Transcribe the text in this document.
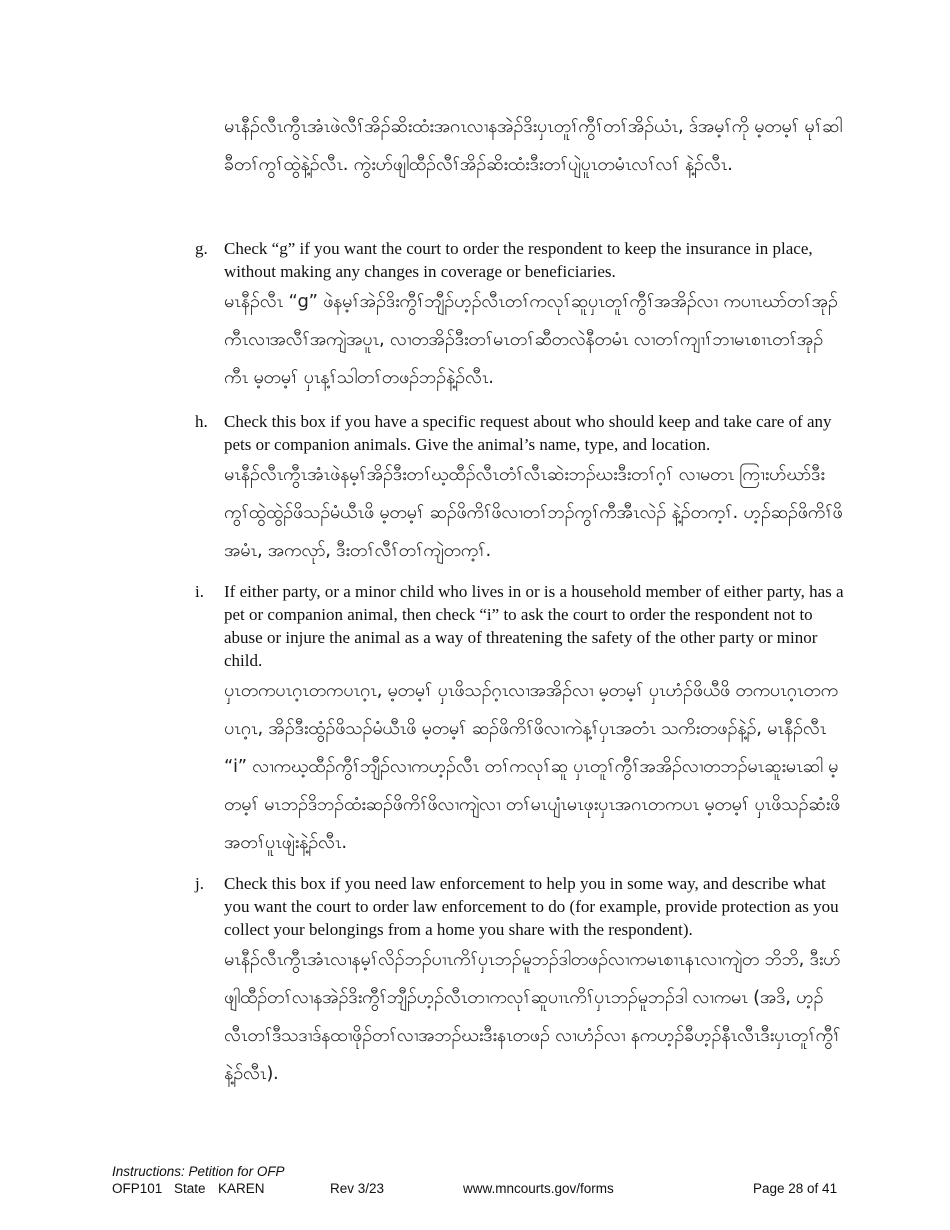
မၤနီၣ်လီၤကွီၤအံၤဖဲလီၢ်အိၣ်ဆိးထံးအဂၤလၢနအဲၣ်ဒိးပှၤတူၢ်ကွီၢ်တၢ်အိၣ်ယံၤ, ဒ်အမ့ၢ်ကို မ့တမ့ၢ် မုၢ်ဆါခီတၢ်ကွၢ်ထွဲနဲ့ၣ်လီၤ. ကွဲးဟ်ဖျါထီၣ်လီၢ်အိၣ်ဆိးထံးဒီးတၢ်ပျဲပူၤတမံၤလၢ်လၢ် နဲ့ၣ်လီၤ.
g. Check “g” if you want the court to order the respondent to keep the insurance in place, without making any changes in coverage or beneficiaries.
မၤနီၣ်လီၤ “g” ဖဲနမ့ၢ်အဲၣ်ဒိးကွီၢ်ဘျီၣ်ဟ့ၣ်လီၤတၢ်ကလုၢ်ဆူပှၤတူၢ်ကွီၢ်အအိၣ်လၢ ကပၢၤဃာ်တၢ်အုၣ်ကီၤလၢအလီၢ်အကျဲအပူၤ, လၢတအိၣ်ဒီးတၢ်မၤတၢ်ဆီတလဲနီတမံၤ လၢတၢ်ကျၢၢ်ဘၢမၤစၢၤတၢ်အုၣ်ကီၤ မ့တမ့ၢ် ပှၤန့ၢ်သါတၢ်တဖၣ်ဘၣ်နဲ့ၣ်လီၤ.
h. Check this box if you have a specific request about who should keep and take care of any pets or companion animals. Give the animal’s name, type, and location.
မၤနီၣ်လီၤကွီၤအံၤဖဲနမ့ၢ်အိၣ်ဒီးတၢ်ဃ့ထီၣ်လီၤတံၢ်လီၤဆဲးဘၣ်ဃးဒီးတၢ်ဂ့ၢ် လၢမတၤ ကြၢးဟ်ဃာ်ဒီးကွၢ်ထွဲထွဲၣ်ဖိသၣ်မံယီၤဖိ မ့တမ့ၢ် ဆၣ်ဖိကိၢ်ဖိလၢတၢ်ဘၣ်ကွၢ်ကီအီၤလဲၣ် နဲ့ၣ်တက့ၢ်. ဟ့ၣ်ဆၣ်ဖိကိၢ်ဖိအမံၤ, အကလုာ်, ဒီးတၢ်လီၢ်တၢ်ကျဲတက့ၢ်.
i. If either party, or a minor child who lives in or is a household member of either party, has a pet or companion animal, then check “i” to ask the court to order the respondent not to abuse or injure the animal as a way of threatening the safety of the other party or minor child.
ပှၤတကပၤဂ့ၤတကပၤဂ့ၤ, မ့တမ့ၢ် ပှၤဖိသၣ်ဂ့ၤလၢအအိၣ်လၢ မ့တမ့ၢ် ပှၤဟံၣ်ဖိယီဖိ တကပၤဂ့ၤတကပၤဂ့ၤ, အိၣ်ဒီးထွံၣ်ဖိသၣ်မံယီၤဖိ မ့တမ့ၢ် ဆၣ်ဖိကိၢ်ဖိလၢကဲန့ၢ်ပှၤအတံၤ သကိးတဖၣ်နဲ့ၣ်, မၤနီၣ်လီၤ “i” လၢကဃ့ထီၣ်ကွီၢ်ဘျီၣ်လၢကဟ့ၣ်လီၤ တၢ်ကလုၢ်ဆူ ပှၤတူၢ်ကွီၢ်အအိၣ်လၢတဘၣ်မၤဆူးမၤဆါ မ့တမ့ၢ် မၤဘၣ်ဒိဘၣ်ထံးဆၣ်ဖိကိၢ်ဖိလၢကျဲလၢ တၢ်မၤပျံၤမၤဖုးပှၤအဂၤတကပၤ မ့တမ့ၢ် ပှၤဖိသၣ်ဆံးဖိအတၢ်ပူၤဖျဲးနဲ့ၣ်လီၤ.
j. Check this box if you need law enforcement to help you in some way, and describe what you want the court to order law enforcement to do (for example, provide protection as you collect your belongings from a home you share with the respondent).
မၤနီၣ်လီၤကွီၤအံၤလၢနမ့ၢ်လိၣ်ဘၣ်ပၢၤကိၢ်ပှၤဘၣ်မူဘၣ်ဒါတဖၣ်လၢကမၤစၢၤနၤလၢကျဲတ ဘိဘိ, ဒီးဟ်ဖျါထီၣ်တၢ်လၢနအဲၣ်ဒိးကွီၢ်ဘျီၣ်ဟ့ၣ်လီၤတၢကလုၢ်ဆူပၢၤကိၢ်ပှၤဘၣ်မူဘၣ်ဒါ လၢကမၤ (အဒိ, ဟ့ၣ်လီၤတၢ်ဒီသဒၢဒ်နထၢဖိုၣ်တၢ်လၢအဘၣ်ဃးဒီးနၤတဖၣ် လၢဟံၣ်လၢ နကဟ့ၣ်ခီဟ့ၣ်နီၤလီၤဒီးပှၤတူၢ်ကွီၢ်နဲ့ၣ်လီၤ).
Instructions: Petition for OFP
OFP101 State KAREN	Rev 3/23	www.mncourts.gov/forms	Page 28 of 41
